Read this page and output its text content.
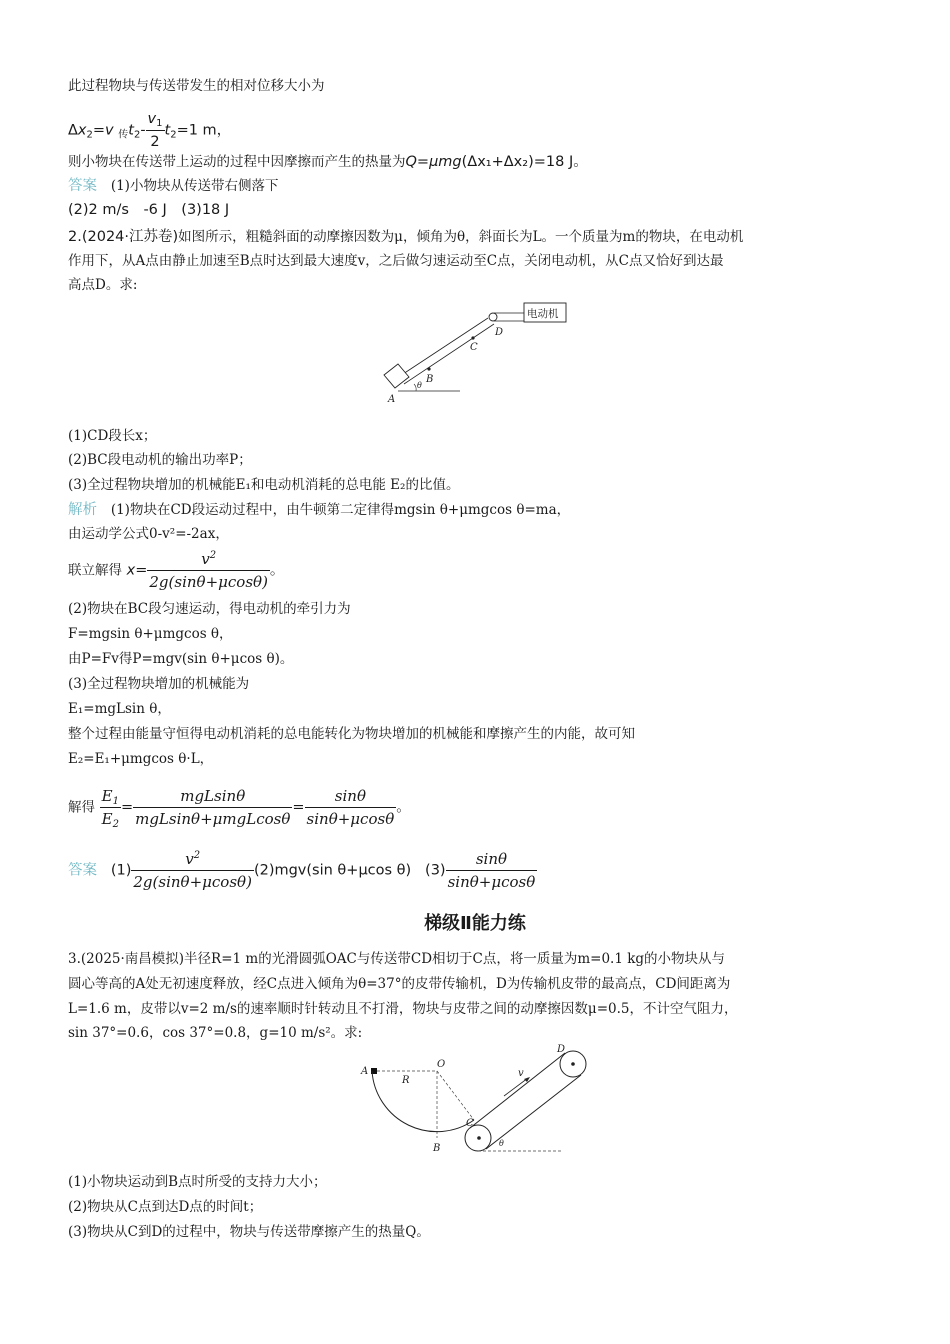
此过程物块与传送带发生的相对位移大小为
$\Delta x_2=v$ $_传t_2- \frac{v_1}{2} t_2=1$ m，
则小物块在传送带上运动的过程中因摩擦而产生的热量为Q=μmg(Δx₁+Δx₂)=18 J。
答案 (1)小物块从传送带右侧落下
(2)2 m/s　-6 J　(3)18 J
2.(2024·江苏卷)如图所示，粗糙斜面的动摩擦因数为μ，倾角为θ，斜面长为L。一个质量为m的物块，在电动机
作用下，从A点由静止加速至B点时达到最大速度v，之后做匀速运动至C点，关闭电动机，从C点又恰好到达最
高点D。求:
电动机
B
C
D
A
θ
(1)CD段长x；
(2)BC段电动机的输出功率P；
(3)全过程物块增加的机械能E₁和电动机消耗的总电能 E₂的比值。
解析 (1)物块在CD段运动过程中，由牛顿第二定律得mgsin θ+μmgcos θ=ma，
由运动学公式0-v²=-2ax，
联立解得 $x= \frac{v^2}{2g(\sin\theta+\mu\cos\theta)}$ 。
(2)物块在BC段匀速运动，得电动机的牵引力为
F=mgsin θ+μmgcos θ，
由P=Fv得P=mgv(sin θ+μcos θ)。
(3)全过程物块增加的机械能为
E₁=mgLsin θ，
整个过程由能量守恒得电动机消耗的总电能转化为物块增加的机械能和摩擦产生的内能，故可知
E₂=E₁+μmgcos θ·L，
解得 $\frac{E_1}{E_2} = \frac{\text{mgLsinθ}}{\text{mgLsinθ+μmgLcosθ}} = \frac{\sin\theta}{\sin\theta+\mu\cos\theta}$ 。
答案   $(1) \frac{v^2}{2g(\sin\theta+\mu\cos\theta)} (2)mgv(\sin$ θ+μcos θ)   $(3) \frac{\sin\theta}{\sin\theta+\mu\cos\theta}$
梯级Ⅱ能力练
3.(2025·南昌模拟)半径R=1 m的光滑圆弧OAC与传送带CD相切于C点，将一质量为m=0.1 kg的小物块从与
圆心等高的A处无初速度释放，经C点进入倾角为θ=37°的皮带传输机，D为传输机皮带的最高点，CD间距离为
L=1.6 m，皮带以v=2 m/s的速率顺时针转动且不打滑，物块与皮带之间的动摩擦因数μ=0.5，不计空气阻力，
sin 37°=0.6，cos 37°=0.8，g=10 m/s²。求:
A
R
O
B
C
θ
v
D
(1)小物块运动到B点时所受的支持力大小；
(2)物块从C点到达D点的时间t；
(3)物块从C到D的过程中，物块与传送带摩擦产生的热量Q。
